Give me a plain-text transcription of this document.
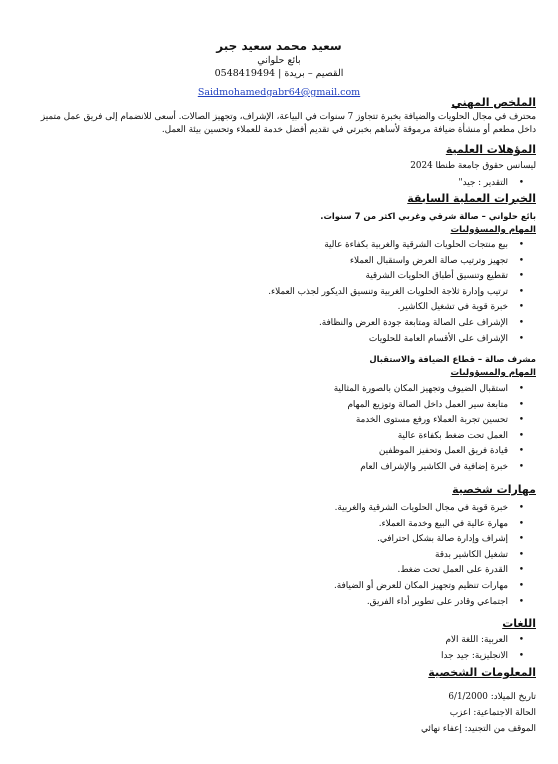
سعيد محمد سعيد جبر
بائع حلواني
القصيم – بريدة | 0548419494
Saidmohamedgabr64@gmail.com
الملخص المهني
محترف في مجال الحلويات والضيافة بخبرة تتجاوز 7 سنوات في البياعة، الإشراف، وتجهيز الصالات. أسعى للانضمام إلى فريق عمل متميز داخل مطعم أو منشأة ضيافة مرموقة لأساهم بخبرتي في تقديم أفضل خدمة للعملاء وتحسين بيئة العمل.
المؤهلات العلمية
ليسانس حقوق جامعة طنطا 2024
• التقدير : جيد"
الخبرات العملية السابقة
بائع حلواني – صالة شرقي وغربي اكثر من 7 سنوات.
المهام والمسؤوليات
• بيع منتجات الحلويات الشرقية والغربية بكفاءة عالية
• تجهيز وترتيب صالة العرض واستقبال العملاء
• تقطيع وتنسيق أطباق الحلويات الشرقية
• ترتيب وإدارة ثلاجة الحلويات الغربية وتنسيق الديكور لجذب العملاء.
• خبرة قوية في تشغيل الكاشير.
• الإشراف على الصالة ومتابعة جودة العرض والنظافة.
• الإشراف على الأقسام العامة للحلويات
مشرف صالة – قطاع الضيافة والاستقبال
المهام والمسؤوليات
• استقبال الضيوف وتجهيز المكان بالصورة المثالية
• متابعة سير العمل داخل الصالة وتوزيع المهام
• تحسين تجربة العملاء ورفع مستوى الخدمة
• العمل تحت ضغط بكفاءة عالية
• قيادة فريق العمل وتحفيز الموظفين
• خبرة إضافية في الكاشير والإشراف العام
مهارات شخصية
• خبرة قوية في مجال الحلويات الشرقية والغربية.
• مهارة عالية في البيع وخدمة العملاء.
• إشراف وإدارة صالة بشكل احترافي.
• تشغيل الكاشير بدقة
• القدرة على العمل تحت ضغط.
• مهارات تنظيم وتجهيز المكان للعرض أو الضيافة.
• اجتماعي وقادر على تطوير أداء الفريق.
اللغات
• العربية: اللغة الام
• الانجليزية: جيد جدا
المعلومات الشخصية
تاريخ الميلاد: 6/1/2000
الحالة الاجتماعية: اعزب
الموقف من التجنيد: إعفاء نهائي
